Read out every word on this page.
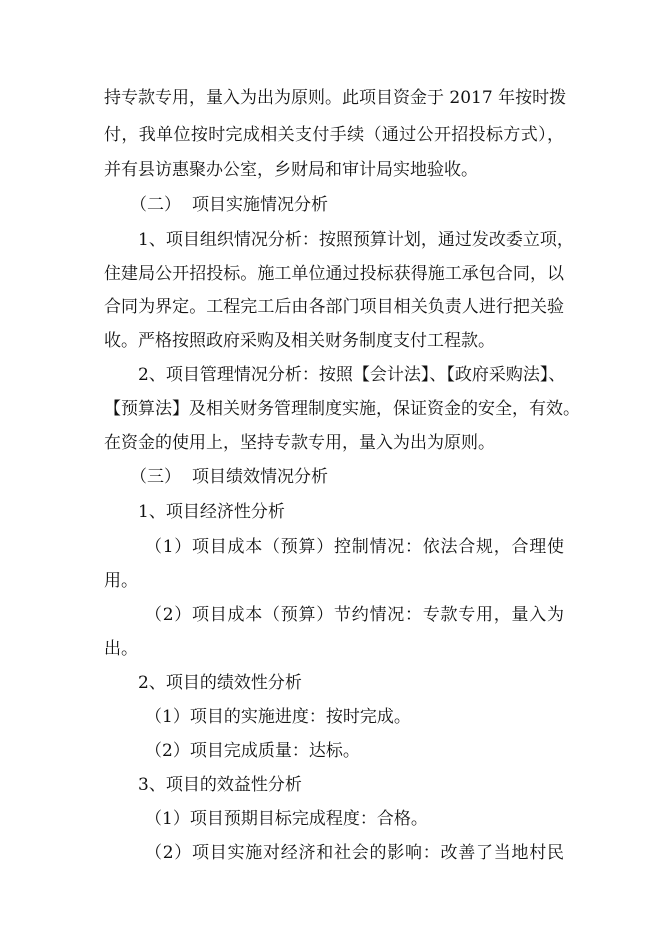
持专款专用，量入为出为原则。此项目资金于 2017 年按时拨
付，我单位按时完成相关支付手续（通过公开招投标方式），
并有县访惠聚办公室，乡财局和审计局实地验收。
（二） 项目实施情况分析
1、项目组织情况分析：按照预算计划，通过发改委立项，
住建局公开招投标。施工单位通过投标获得施工承包合同，以
合同为界定。工程完工后由各部门项目相关负责人进行把关验
收。严格按照政府采购及相关财务制度支付工程款。
2、项目管理情况分析：按照【会计法】、【政府采购法】、
【预算法】及相关财务管理制度实施，保证资金的安全，有效。
在资金的使用上，坚持专款专用，量入为出为原则。
（三） 项目绩效情况分析
1、项目经济性分析
（1）项目成本（预算）控制情况：依法合规，合理使
用。
（2）项目成本（预算）节约情况：专款专用，量入为
出。
2、项目的绩效性分析
（1）项目的实施进度：按时完成。
（2）项目完成质量：达标。
3、项目的效益性分析
（1）项目预期目标完成程度：合格。
（2）项目实施对经济和社会的影响：改善了当地村民
